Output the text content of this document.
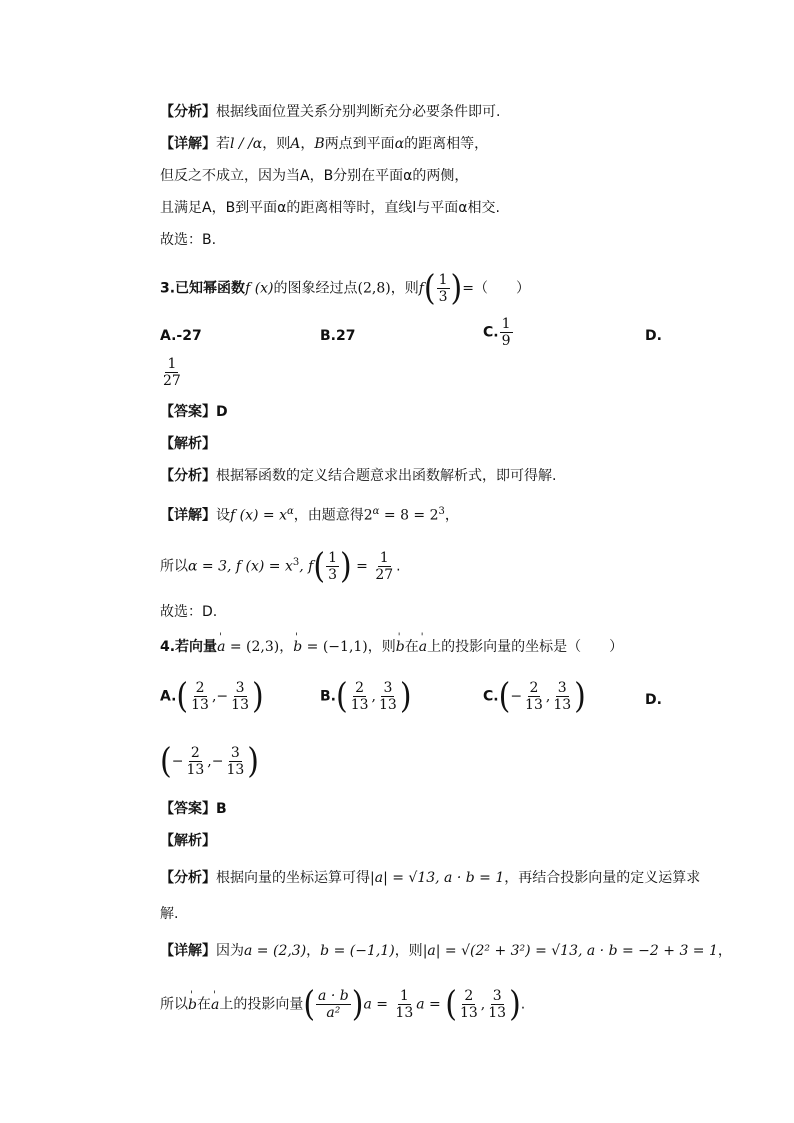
【分析】根据线面位置关系分别判断充分必要条件即可.
【详解】若l / /α，则A，B两点到平面α的距离相等，
但反之不成立，因为当A，B分别在平面α的两侧，
且满足A，B到平面α的距离相等时，直线l与平面α相交.
故选：B.
3.已知幂函数f (x)的图象经过点(2,8)，则$f( \frac{1}{3}$ )=（　　）
A.-27	B.27	C. $\frac{1}{9}$	D.
$\frac{1}{27}$
【答案】D
【解析】
【分析】根据幂函数的定义结合题意求出函数解析式，即可得解.
【详解】设f $(x) = x^\alpha$，由题意得$2^\alpha = 8 = 2^3$，
所以α = 3, f $(x) = x^3$, $f( \frac{1}{3}$ ) = $\frac{1}{27}$ .
故选：D.
4.若向量' a = (2,3)，' b = (−1,1)，则' b在' a上的投影向量的坐标是（　　）
$A.( \frac{2}{13}$ ,− $\frac{3}{13}$ )	$B.( \frac{2}{13}$ , $\frac{3}{13}$ )	$C.(- \frac{2}{13}$ , $\frac{3}{13}$ )	D.
(− $\frac{2}{13}$ ,− $\frac{3}{13}$ )
【答案】B
【解析】
【分析】根据向量的坐标运算可得|a| = √13, a · b = 1，再结合投影向量的定义运算求
解.
【详解】因为a = (2,3)，b = (−1,1)，则|a| = √(2² + 3²) = √13, a · b = −2 + 3 = 1，
所以' b在' a上的投影向量( $\frac{a \cdot b}{\text{a²}} )a = \frac{1}{13}$ a = ( $\frac{2}{13}$ , $\frac{3}{13}$ ).
